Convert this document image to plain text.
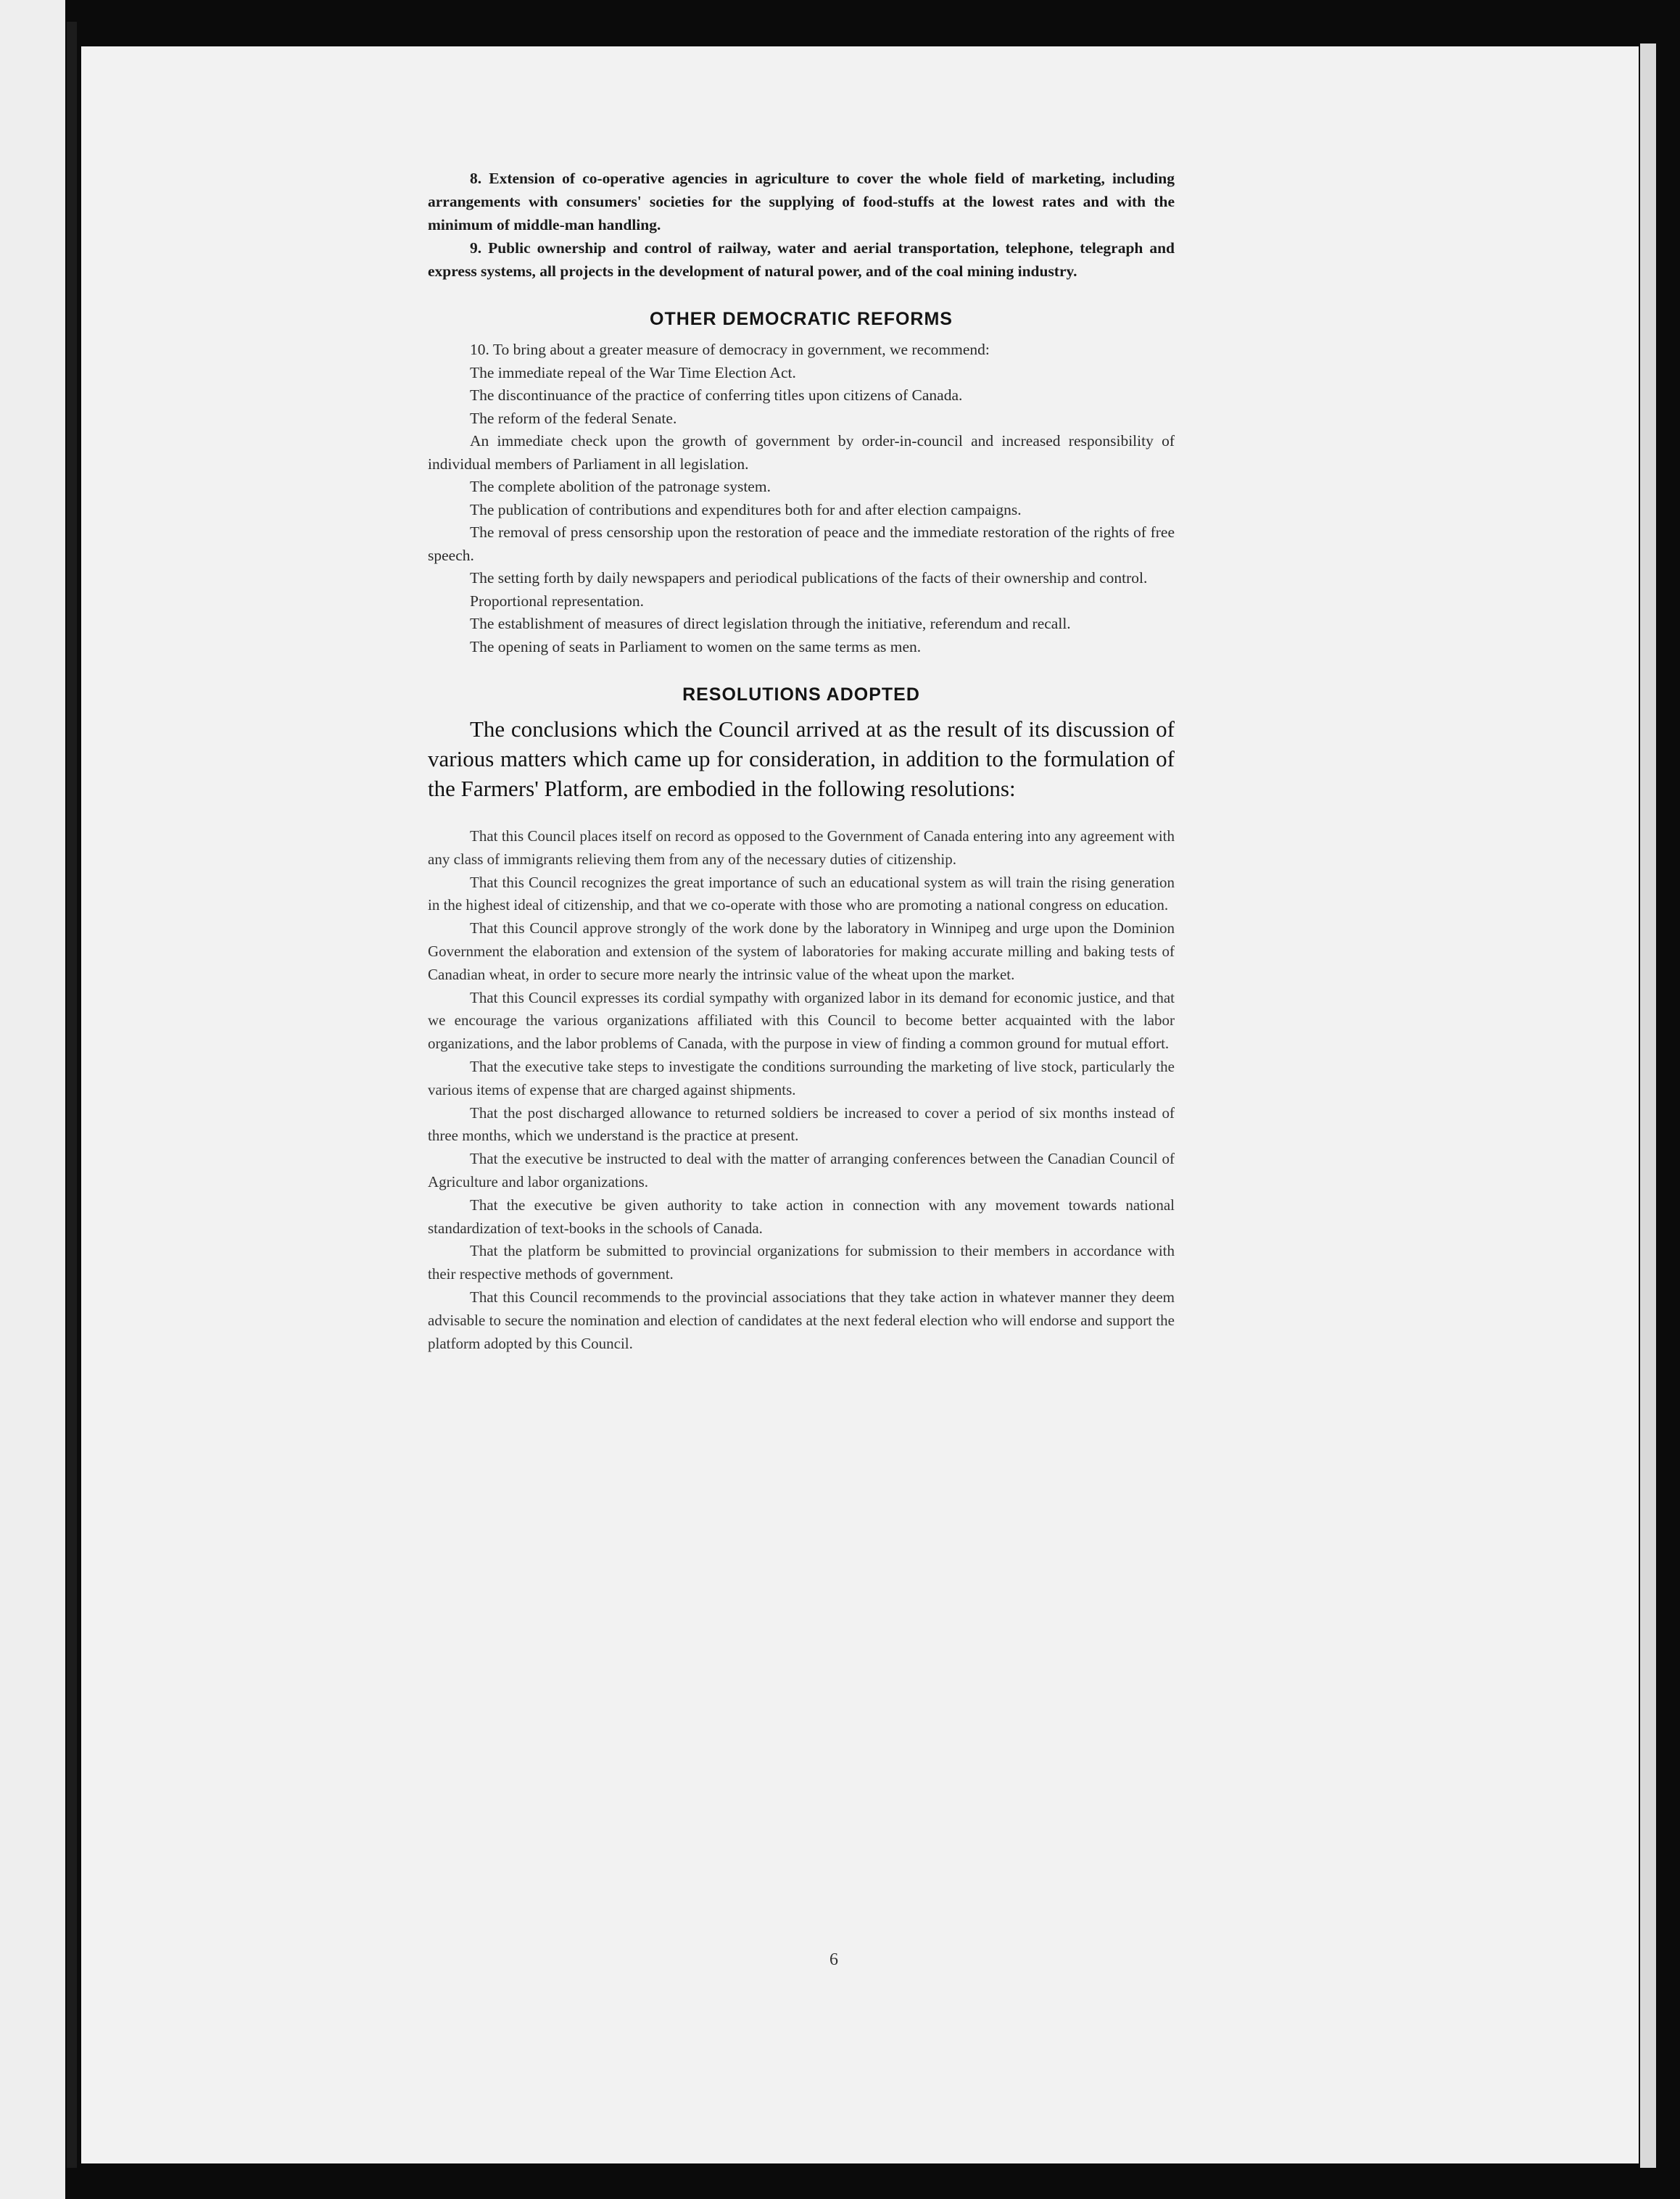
8. Extension of co-operative agencies in agriculture to cover the whole field of marketing, including arrangements with consumers' societies for the supplying of food-stuffs at the lowest rates and with the minimum of middle-man handling.

9. Public ownership and control of railway, water and aerial transportation, telephone, telegraph and express systems, all projects in the development of natural power, and of the coal mining industry.

OTHER DEMOCRATIC REFORMS

10. To bring about a greater measure of democracy in government, we recommend:

The immediate repeal of the War Time Election Act.

The discontinuance of the practice of conferring titles upon citizens of Canada.

The reform of the federal Senate.

An immediate check upon the growth of government by order-in-council and increased responsibility of individual members of Parliament in all legislation.

The complete abolition of the patronage system.

The publication of contributions and expenditures both for and after election campaigns.

The removal of press censorship upon the restoration of peace and the immediate restoration of the rights of free speech.

The setting forth by daily newspapers and periodical publications of the facts of their ownership and control.

Proportional representation.

The establishment of measures of direct legislation through the initiative, referendum and recall.

The opening of seats in Parliament to women on the same terms as men.

RESOLUTIONS ADOPTED

The conclusions which the Council arrived at as the result of its discussion of various matters which came up for consideration, in addition to the formulation of the Farmers' Platform, are embodied in the following resolutions:

That this Council places itself on record as opposed to the Government of Canada entering into any agreement with any class of immigrants relieving them from any of the necessary duties of citizenship.

That this Council recognizes the great importance of such an educational system as will train the rising generation in the highest ideal of citizenship, and that we co-operate with those who are promoting a national congress on education.

That this Council approve strongly of the work done by the laboratory in Winnipeg and urge upon the Dominion Government the elaboration and extension of the system of laboratories for making accurate milling and baking tests of Canadian wheat, in order to secure more nearly the intrinsic value of the wheat upon the market.

That this Council expresses its cordial sympathy with organized labor in its demand for economic justice, and that we encourage the various organizations affiliated with this Council to become better acquainted with the labor organizations, and the labor problems of Canada, with the purpose in view of finding a common ground for mutual effort.

That the executive take steps to investigate the conditions surrounding the marketing of live stock, particularly the various items of expense that are charged against shipments.

That the post discharged allowance to returned soldiers be increased to cover a period of six months instead of three months, which we understand is the practice at present.

That the executive be instructed to deal with the matter of arranging conferences between the Canadian Council of Agriculture and labor organizations.

That the executive be given authority to take action in connection with any movement towards national standardization of text-books in the schools of Canada.

That the platform be submitted to provincial organizations for submission to their members in accordance with their respective methods of government.

That this Council recommends to the provincial associations that they take action in whatever manner they deem advisable to secure the nomination and election of candidates at the next federal election who will endorse and support the platform adopted by this Council.

6
